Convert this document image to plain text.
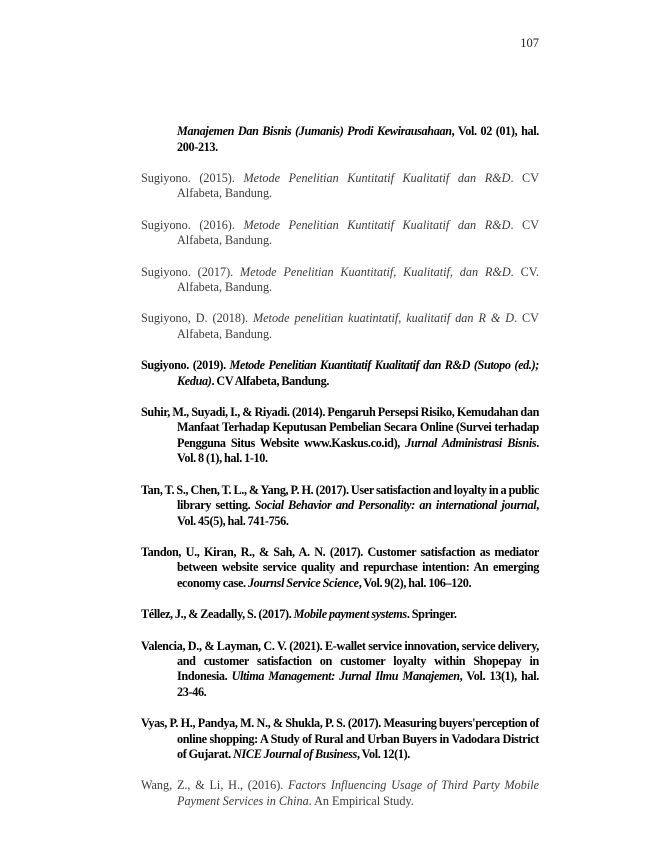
107

Manajemen Dan Bisnis (Jumanis) Prodi Kewirausahaan, Vol. 02 (01), hal. 200-213.

Sugiyono. (2015). Metode Penelitian Kuntitatif Kualitatif dan R&D. CV Alfabeta, Bandung.

Sugiyono. (2016). Metode Penelitian Kuntitatif Kualitatif dan R&D. CV Alfabeta, Bandung.

Sugiyono. (2017). Metode Penelitian Kuantitatif, Kualitatif, dan R&D. CV. Alfabeta, Bandung.

Sugiyono, D. (2018). Metode penelitian kuatintatif, kualitatif dan R & D. CV Alfabeta, Bandung.

Sugiyono. (2019). Metode Penelitian Kuantitatif Kualitatif dan R&D (Sutopo (ed.); Kedua). CV Alfabeta, Bandung.

Suhir, M., Suyadi, I., & Riyadi. (2014). Pengaruh Persepsi Risiko, Kemudahan dan Manfaat Terhadap Keputusan Pembelian Secara Online (Survei terhadap Pengguna Situs Website www.Kaskus.co.id), Jurnal Administrasi Bisnis. Vol. 8 (1), hal. 1-10.

Tan, T. S., Chen, T. L., & Yang, P. H. (2017). User satisfaction and loyalty in a public library setting. Social Behavior and Personality: an international journal, Vol. 45(5), hal. 741-756.

Tandon, U., Kiran, R., & Sah, A. N. (2017). Customer satisfaction as mediator between website service quality and repurchase intention: An emerging economy case. Journsl Service Science, Vol. 9(2), hal. 106–120.

Téllez, J., & Zeadally, S. (2017). Mobile payment systems. Springer.

Valencia, D., & Layman, C. V. (2021). E-wallet service innovation, service delivery, and customer satisfaction on customer loyalty within Shopepay in Indonesia. Ultima Management: Jurnal Ilmu Manajemen, Vol. 13(1), hal. 23-46.

Vyas, P. H., Pandya, M. N., & Shukla, P. S. (2017). Measuring buyers'perception of online shopping: A Study of Rural and Urban Buyers in Vadodara District of Gujarat. NICE Journal of Business, Vol. 12(1).

Wang, Z., & Li, H., (2016). Factors Influencing Usage of Third Party Mobile Payment Services in China. An Empirical Study.
